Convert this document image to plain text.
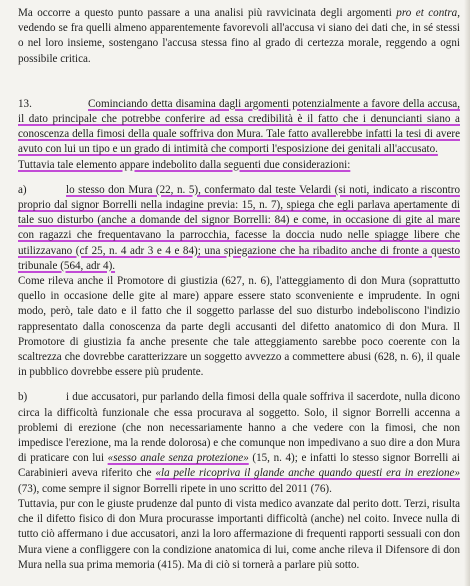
Ma occorre a questo punto passare a una analisi più ravvicinata degli argomenti pro et contra, vedendo se fra quelli almeno apparentemente favorevoli all'accusa vi siano dei dati che, in sé stessi o nel loro insieme, sostengano l'accusa stessa fino al grado di certezza morale, reggendo a ogni possibile critica.

13.	Cominciando detta disamina dagli argomenti potenzialmente a favore della accusa, il dato principale che potrebbe conferire ad essa credibilità è il fatto che i denuncianti siano a conoscenza della fimosi della quale soffriva don Mura. Tale fatto avallerebbe infatti la tesi di avere avuto con lui un tipo e un grado di intimità che comporti l'esposizione dei genitali all'accusato.

Tuttavia tale elemento appare indebolito dalla seguenti due considerazioni:

a)	lo stesso don Mura (22, n. 5), confermato dal teste Velardi (si noti, indicato a riscontro proprio dal signor Borrelli nella indagine previa: 15, n. 7), spiega che egli parlava apertamente di tale suo disturbo (anche a domande del signor Borrelli: 84) e come, in occasione di gite al mare con ragazzi che frequentavano la parrocchia, facesse la doccia nudo nelle spiagge libere che utilizzavano (cf 25, n. 4 adr 3 e 4 e 84); una spiegazione che ha ribadito anche di fronte a questo tribunale (564, adr 4).

Come rileva anche il Promotore di giustizia (627, n. 6), l'atteggiamento di don Mura (soprattutto quello in occasione delle gite al mare) appare essere stato sconveniente e imprudente. In ogni modo, però, tale dato e il fatto che il soggetto parlasse del suo disturbo indeboliscono l'indizio rappresentato dalla conoscenza da parte degli accusanti del difetto anatomico di don Mura. Il Promotore di giustizia fa anche presente che tale atteggiamento sarebbe poco coerente con la scaltrezza che dovrebbe caratterizzare un soggetto avvezzo a commettere abusi (628, n. 6), il quale in pubblico dovrebbe essere più prudente.

b)	i due accusatori, pur parlando della fimosi della quale soffriva il sacerdote, nulla dicono circa la difficoltà funzionale che essa procurava al soggetto. Solo, il signor Borrelli accenna a problemi di erezione (che non necessariamente hanno a che vedere con la fimosi, che non impedisce l'erezione, ma la rende dolorosa) e che comunque non impedivano a suo dire a don Mura di praticare con lui «sesso anale senza protezione» (15, n. 4); e infatti lo stesso signor Borrelli ai Carabinieri aveva riferito che «la pelle ricopriva il glande anche quando questi era in erezione» (73), come sempre il signor Borrelli ripete in uno scritto del 2011 (76).

Tuttavia, pur con le giuste prudenze dal punto di vista medico avanzate dal perito dott. Terzi, risulta che il difetto fisico di don Mura procurasse importanti difficoltà (anche) nel coito. Invece nulla di tutto ciò affermano i due accusatori, anzi la loro affermazione di frequenti rapporti sessuali con don Mura viene a confliggere con la condizione anatomica di lui, come anche rileva il Difensore di don Mura nella sua prima memoria (415). Ma di ciò si tornerà a parlare più sotto.
